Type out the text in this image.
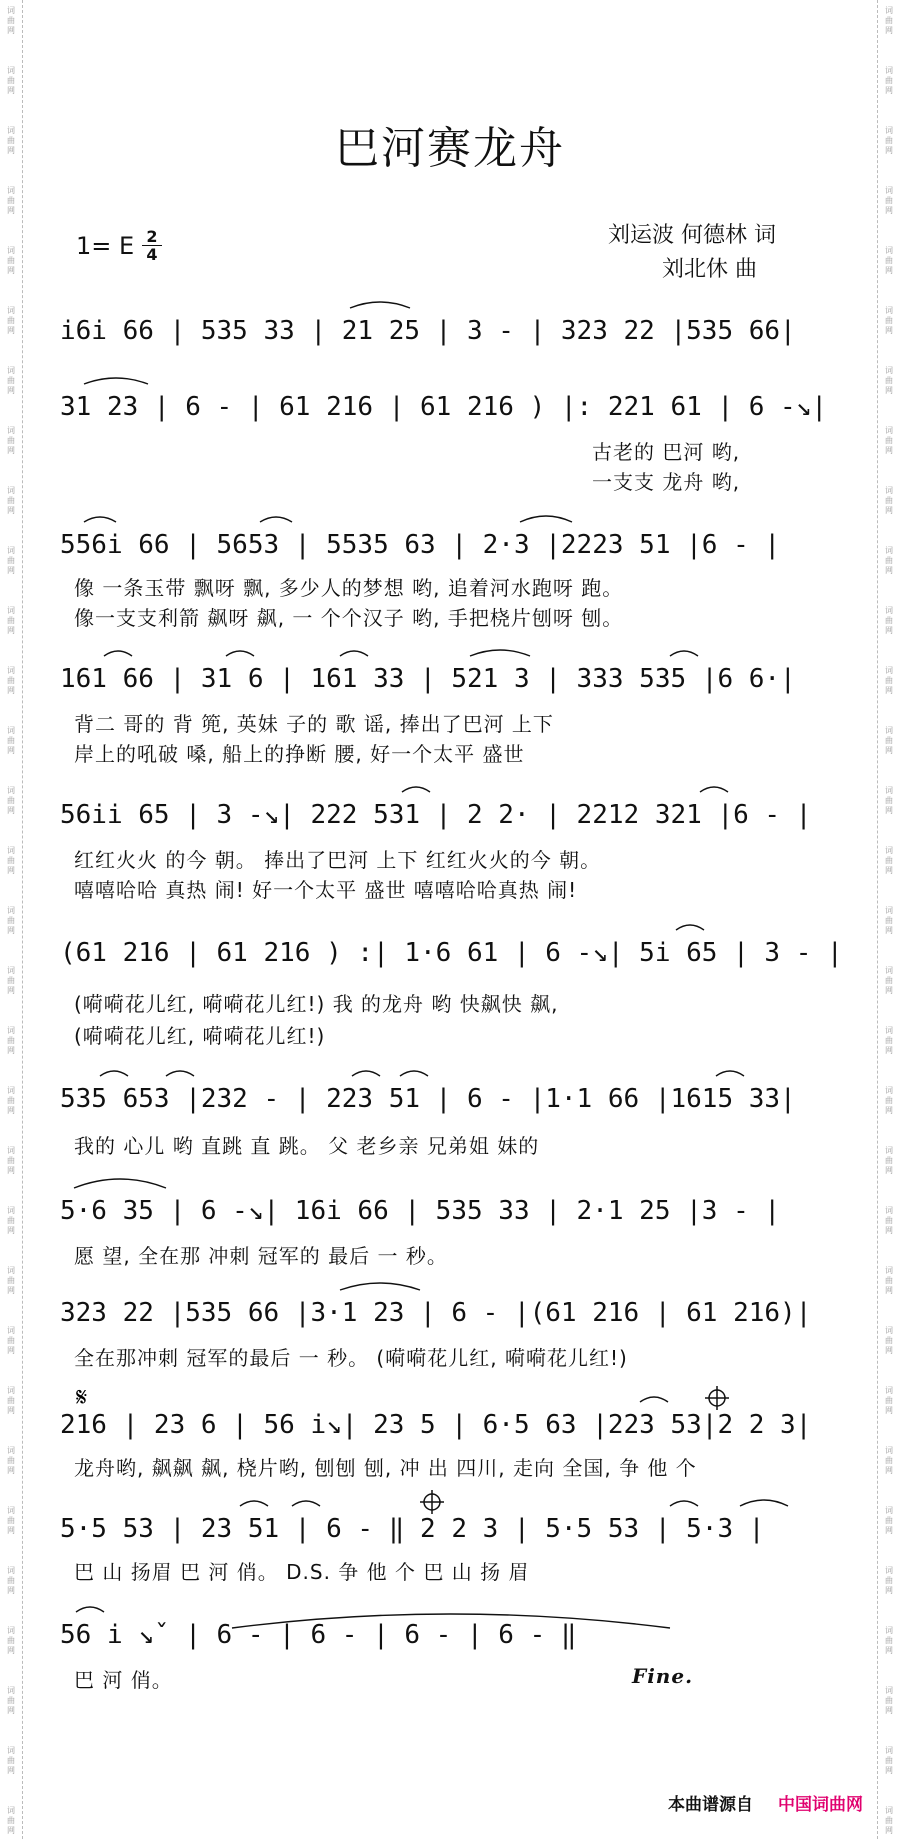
词
曲
网
词
曲
网
词
曲
网
词
曲
网
词
曲
网
词
曲
网
词
曲
网
词
曲
网
词
曲
网
词
曲
网
词
曲
网
词
曲
网
词
曲
网
词
曲
网
词
曲
网
词
曲
网
词
曲
网
词
曲
网
词
曲
网
词
曲
网
词
曲
网
词
曲
网
词
曲
网
词
曲
网
词
曲
网
词
曲
网
词
曲
网
词
曲
网
词
曲
网
词
曲
网
词
曲
网
词
曲
网
词
曲
网
词
曲
网
词
曲
网
词
曲
网
词
曲
网
词
曲
网
词
曲
网
词
曲
网
词
曲
网
词
曲
网
词
曲
网
词
曲
网
词
曲
网
词
曲
网
词
曲
网
词
曲
网
词
曲
网
词
曲
网
词
曲
网
词
曲
网
词
曲
网
词
曲
网
词
曲
网
词
曲
网
词
曲
网
词
曲
网
词
曲
网
词
曲
网
词
曲
网
词
曲
网
巴河赛龙舟
1= E $\frac{2}{4}$	刘运波 何德林 词
刘北休 曲
i6i 66 | 535 33 | 21 25 | 3 - | 323 22 |535 66|
31 23 | 6 - | 61 216 | 61 216 ) |: 221 61 | 6 -↘|
古老的 巴河 哟,
一支支 龙舟 哟,
556i 66 | 5653 | 5535 63 | 2·3 |2223 51 |6 - |
像 一条玉带 飘呀 飘, 多少人的梦想 哟, 追着河水跑呀 跑。
像一支支利箭 飙呀 飙, 一 个个汉子 哟, 手把桡片刨呀 刨。
161 66 | 31 6 | 161 33 | 521 3 | 333 535 |6 6·|
背二 哥的 背 篼, 英妹 子的 歌 谣, 捧出了巴河 上下
岸上的吼破 嗓, 船上的挣断 腰, 好一个太平 盛世
56ii 65 | 3 -↘| 222 531 | 2 2· | 2212 321 |6 - |
红红火火 的今 朝。 捧出了巴河 上下 红红火火的今 朝。
嘻嘻哈哈 真热 闹! 好一个太平 盛世 嘻嘻哈哈真热 闹!
(61 216 | 61 216 ) :| 1·6 61 | 6 -↘| 5i 65 | 3 - |
(嗬嗬花儿红, 嗬嗬花儿红!) 我 的龙舟 哟 快飙快 飙,
(嗬嗬花儿红, 嗬嗬花儿红!)
535 653 |232 - | 223 51 | 6 - |1·1 66 |1615 33|
我的 心儿 哟 直跳 直 跳。 父 老乡亲 兄弟姐 妹的
5·6 35 | 6 -↘| 16i 66 | 535 33 | 2·1 25 |3 - |
愿 望, 全在那 冲刺 冠军的 最后 一 秒。
323 22 |535 66 |3·1 23 | 6 - |(61 216 | 61 216)|
全在那冲刺 冠军的最后 一 秒。 (嗬嗬花儿红, 嗬嗬花儿红!)
216 | 23 6 | 56 i↘| 23 5 | 6·5 63 |223 53|2 2 3|
龙舟哟, 飙飙 飙, 桡片哟, 刨刨 刨, 冲 出 四川, 走向 全国, 争 他 个
5·5 53 | 23 51 | 6 - ‖ 2 2 3 | 5·5 53 | 5·3 |
巴 山 扬眉 巴 河 俏。 D.S. 争 他 个 巴 山 扬 眉
56 i ↘ˇ | 6 - | 6 - | 6 - | 6 - ‖
巴 河 俏。	Fine.
𝄋
本曲谱源自 中国词曲网
